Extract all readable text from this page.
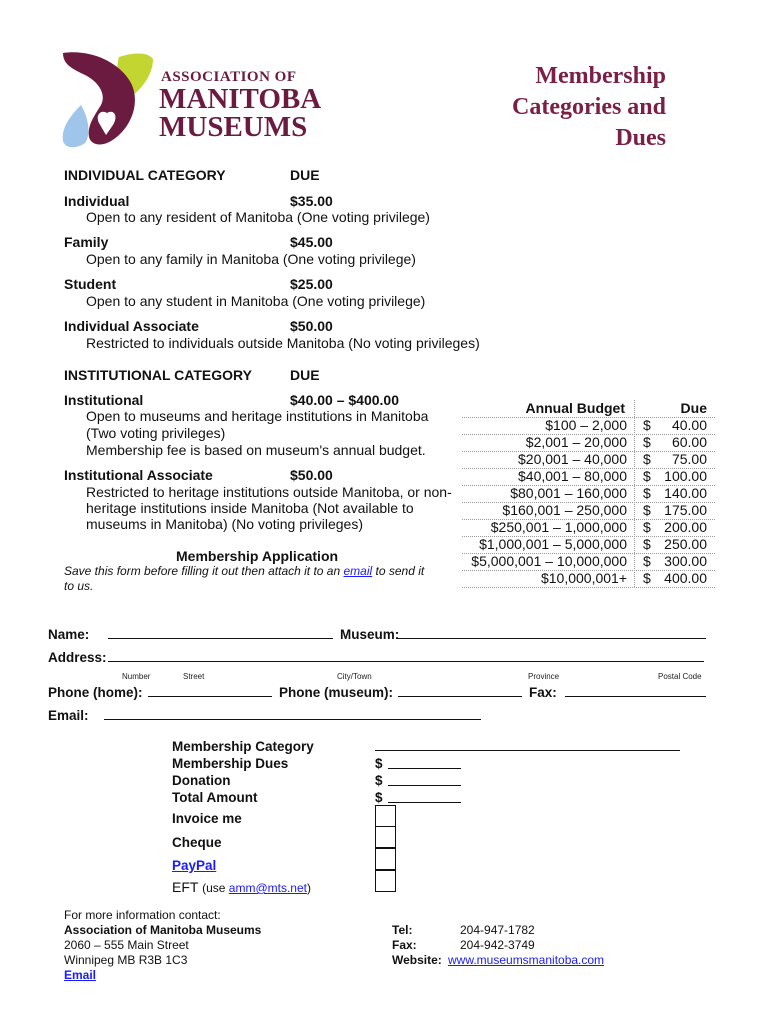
ASSOCIATION OF
MANITOBA
MUSEUMS
Membership
Categories and
Dues
INDIVIDUAL CATEGORY	DUE
Individual	$35.00
Open to any resident of Manitoba (One voting privilege)
Family	$45.00
Open to any family in Manitoba (One voting privilege)
Student	$25.00
Open to any student in Manitoba (One voting privilege)
Individual Associate	$50.00
Restricted to individuals outside Manitoba (No voting privileges)
INSTITUTIONAL CATEGORY	DUE
Institutional	$40.00 – $400.00
Open to museums and heritage institutions in Manitoba
(Two voting privileges)
Membership fee is based on museum's annual budget.
Institutional Associate	$50.00
Restricted to heritage institutions outside Manitoba, or non-
heritage institutions inside Manitoba (Not available to
museums in Manitoba) (No voting privileges)
Annual Budget	Due
$100 – 2,000 $ 40.00
$2,001 – 20,000 $ 60.00
$20,001 – 40,000 $ 75.00
$40,001 – 80,000 $ 100.00
$80,001 – 160,000 $ 140.00
$160,001 – 250,000 $ 175.00
$250,001 – 1,000,000 $ 200.00
$1,000,001 – 5,000,000 $ 250.00
$5,000,001 – 10,000,000 $ 300.00
$10,000,001+ $ 400.00
Membership Application
Save this form before filling it out then attach it to an email to send it
to us.
Name:	Museum:
Address:
Number	Street	City/Town	Province	Postal Code
Phone (home):	Phone (museum):	Fax:
Email:
Membership Category
Membership Dues	$
Donation	$
Total Amount	$
Invoice me
Cheque
PayPal
EFT (use amm@mts.net)
For more information contact:
Association of Manitoba Museums
2060 – 555 Main Street
Winnipeg MB R3B 1C3
Email
Tel:	204-947-1782
Fax:	204-942-3749
Website: www.museumsmanitoba.com
